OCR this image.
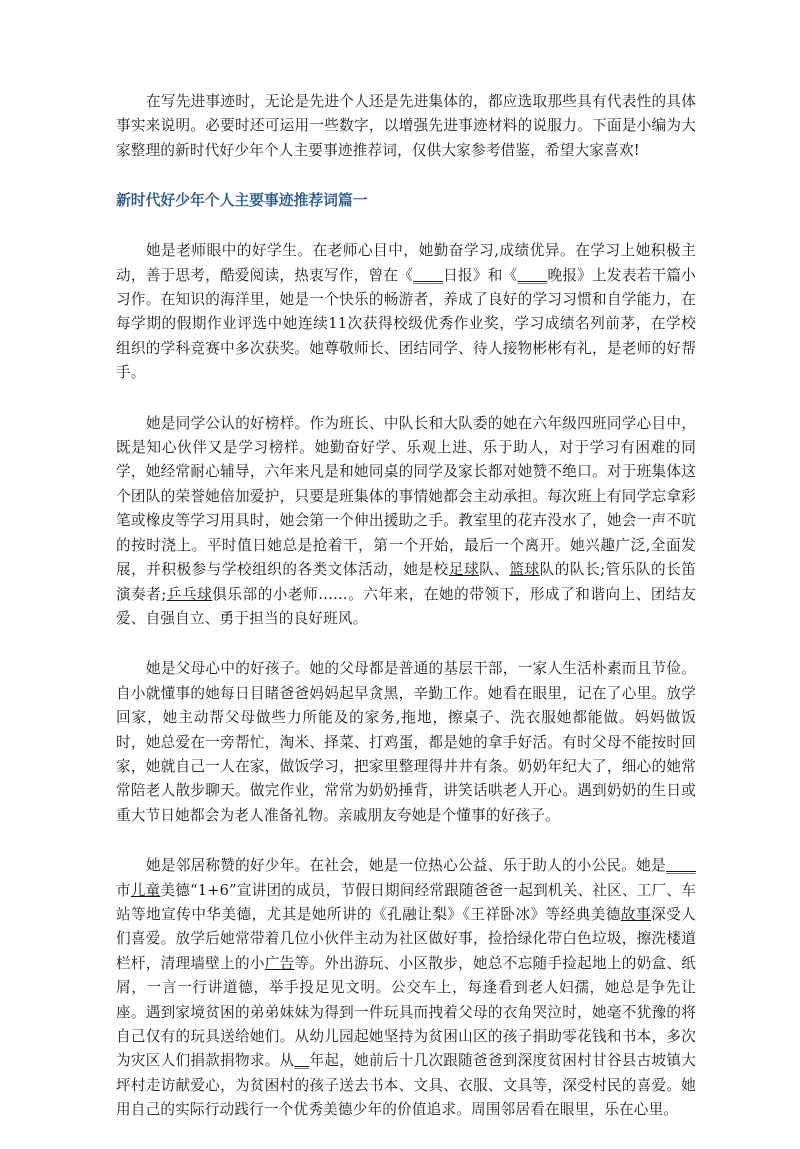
在写先进事迹时，无论是先进个人还是先进集体的，都应选取那些具有代表性的具体事实来说明。必要时还可运用一些数字，以增强先进事迹材料的说服力。下面是小编为大家整理的新时代好少年个人主要事迹推荐词，仅供大家参考借鉴，希望大家喜欢!

新时代好少年个人主要事迹推荐词篇一

她是老师眼中的好学生。在老师心目中，她勤奋学习,成绩优异。在学习上她积极主动，善于思考，酷爱阅读，热衷写作，曾在《____日报》和《____晚报》上发表若干篇小习作。在知识的海洋里，她是一个快乐的畅游者，养成了良好的学习习惯和自学能力，在每学期的假期作业评选中她连续11次获得校级优秀作业奖，学习成绩名列前茅，在学校组织的学科竞赛中多次获奖。她尊敬师长、团结同学、待人接物彬彬有礼，是老师的好帮手。

她是同学公认的好榜样。作为班长、中队长和大队委的她在六年级四班同学心目中，既是知心伙伴又是学习榜样。她勤奋好学、乐观上进、乐于助人，对于学习有困难的同学，她经常耐心辅导，六年来凡是和她同桌的同学及家长都对她赞不绝口。对于班集体这个团队的荣誉她倍加爱护，只要是班集体的事情她都会主动承担。每次班上有同学忘拿彩笔或橡皮等学习用具时，她会第一个伸出援助之手。教室里的花卉没水了，她会一声不吭的按时浇上。平时值日她总是抢着干，第一个开始，最后一个离开。她兴趣广泛,全面发展，并积极参与学校组织的各类文体活动，她是校足球队、篮球队的队长;管乐队的长笛演奏者;乒乓球俱乐部的小老师……。六年来，在她的带领下，形成了和谐向上、团结友爱、自强自立、勇于担当的良好班风。

她是父母心中的好孩子。她的父母都是普通的基层干部，一家人生活朴素而且节俭。自小就懂事的她每日目睹爸爸妈妈起早贪黑，辛勤工作。她看在眼里，记在了心里。放学回家，她主动帮父母做些力所能及的家务,拖地，擦桌子、洗衣服她都能做。妈妈做饭时，她总爱在一旁帮忙，淘米、择菜、打鸡蛋，都是她的拿手好活。有时父母不能按时回家，她就自己一人在家，做饭学习，把家里整理得井井有条。奶奶年纪大了，细心的她常常陪老人散步聊天。做完作业，常常为奶奶捶背，讲笑话哄老人开心。遇到奶奶的生日或重大节日她都会为老人准备礼物。亲戚朋友夸她是个懂事的好孩子。

她是邻居称赞的好少年。在社会，她是一位热心公益、乐于助人的小公民。她是____市儿童美德“1+6”宣讲团的成员，节假日期间经常跟随爸爸一起到机关、社区、工厂、车站等地宣传中华美德，尤其是她所讲的《孔融让梨》《王祥卧冰》等经典美德故事深受人们喜爱。放学后她常带着几位小伙伴主动为社区做好事，捡拾绿化带白色垃圾，擦洗楼道栏杆，清理墙壁上的小广告等。外出游玩、小区散步，她总不忘随手捡起地上的奶盒、纸屑，一言一行讲道德，举手投足见文明。公交车上，每逢看到老人妇孺，她总是争先让座。遇到家境贫困的弟弟妹妹为得到一件玩具而拽着父母的衣角哭泣时，她毫不犹豫的将自己仅有的玩具送给她们。从幼儿园起她坚持为贫困山区的孩子捐助零花钱和书本，多次为灾区人们捐款捐物求。从__年起，她前后十几次跟随爸爸到深度贫困村甘谷县古坡镇大坪村走访献爱心，为贫困村的孩子送去书本、文具、衣服、文具等，深受村民的喜爱。她用自己的实际行动践行一个优秀美德少年的价值追求。周围邻居看在眼里，乐在心里。
